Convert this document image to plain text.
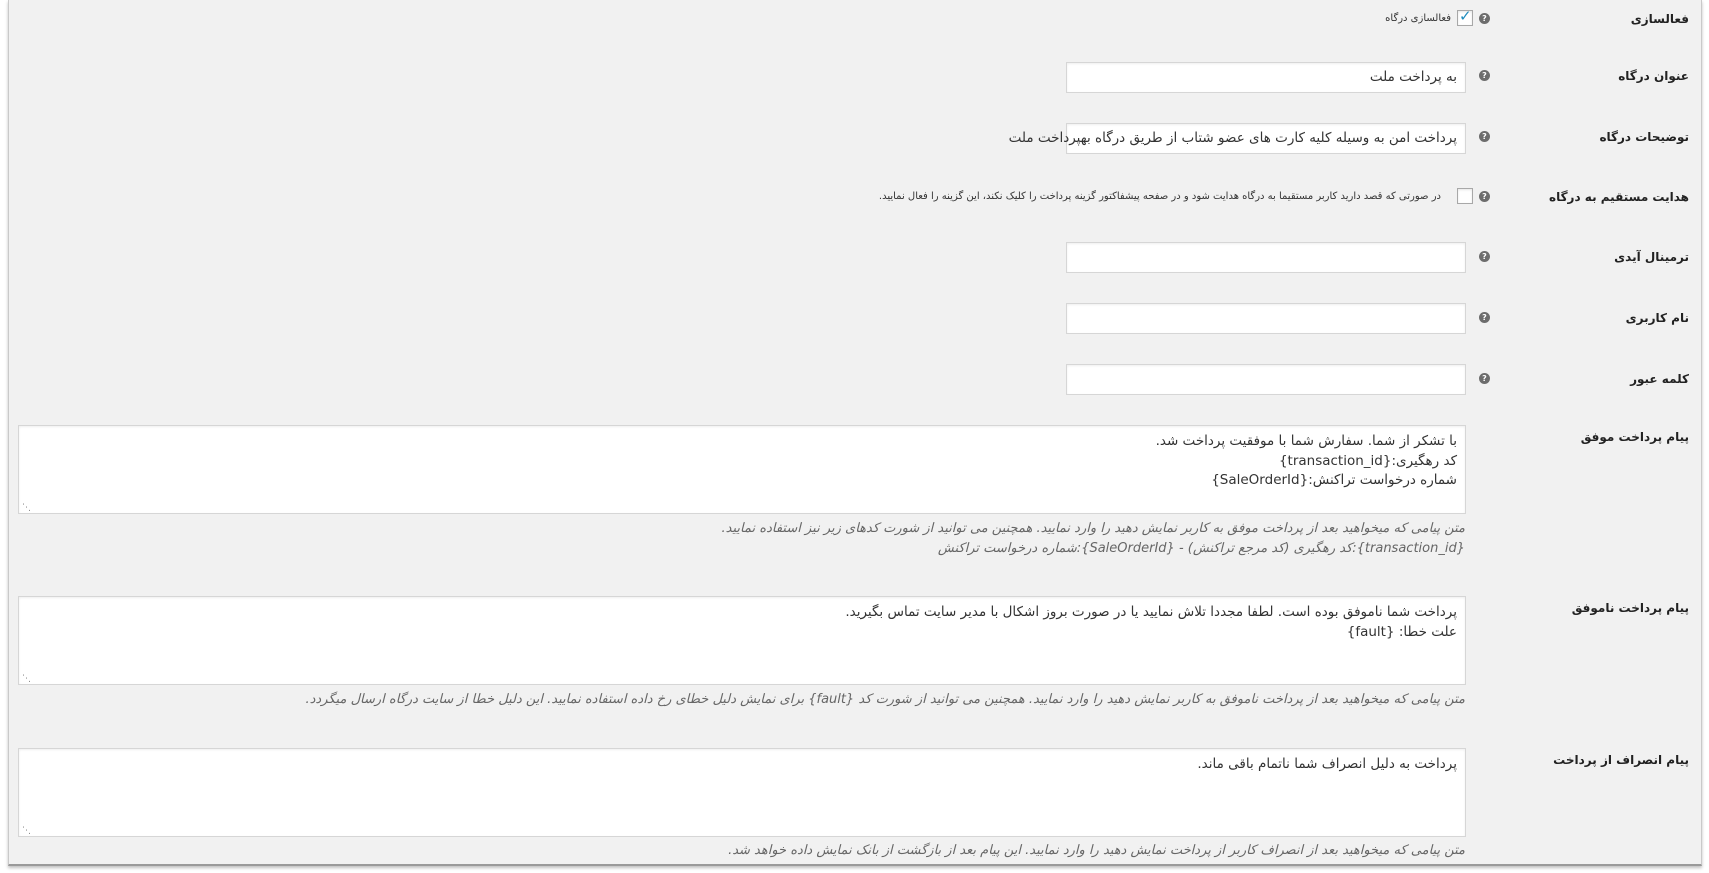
فعالسازی
?
✓
فعالسازی درگاه
عنوان درگاه
?
به پرداخت ملت
توضیحات درگاه
?
پرداخت امن به وسیله کلیه کارت های عضو شتاب از طریق درگاه بهپرداخت ملت
هدایت مستقیم به درگاه
?
در صورتی که قصد دارید کاربر مستقیما به درگاه هدایت شود و در صفحه پیشفاکتور گزینه پرداخت را کلیک نکند، این گزینه را فعال نمایید.
ترمینال آیدی
?
نام کاربری
?
کلمه عبور
?
پیام پرداخت موفق
با تشکر از شما. سفارش شما با موفقیت پرداخت شد.
کد رهگیری:{transaction_id}
شماره درخواست تراکنش:{SaleOrderId}
⋰
متن پیامی که میخواهید بعد از پرداخت موفق به کاربر نمایش دهید را وارد نمایید. همچنین می توانید از شورت کدهای زیر نیز استفاده نمایید.
{transaction_id}:کد رهگیری (کد مرجع تراکنش) - {SaleOrderId}:شماره درخواست تراکنش
پیام پرداخت ناموفق
پرداخت شما ناموفق بوده است. لطفا مجددا تلاش نمایید یا در صورت بروز اشکال با مدیر سایت تماس بگیرید.
علت خطا: {fault}
⋰
متن پیامی که میخواهید بعد از پرداخت ناموفق به کاربر نمایش دهید را وارد نمایید. همچنین می توانید از شورت کد {fault} برای نمایش دلیل خطای رخ داده استفاده نمایید. این دلیل خطا از سایت درگاه ارسال میگردد.
پیام انصراف از پرداخت
پرداخت به دلیل انصراف شما ناتمام باقی ماند.
⋰
متن پیامی که میخواهید بعد از انصراف کاربر از پرداخت نمایش دهید را وارد نمایید. این پیام بعد از بازگشت از بانک نمایش داده خواهد شد.
